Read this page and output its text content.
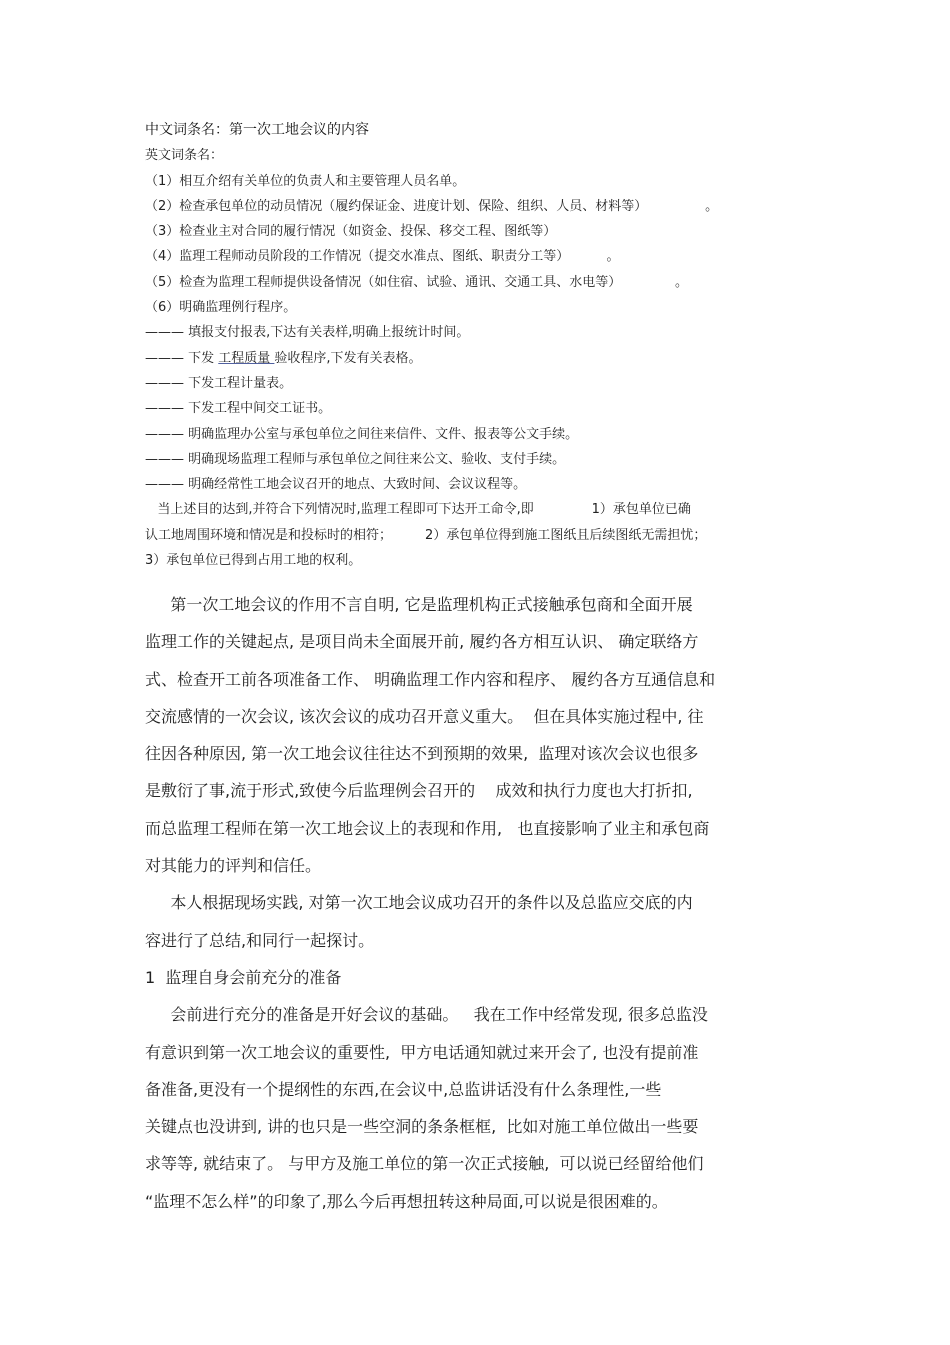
中文词条名：第一次工地会议的内容
英文词条名：
（1）相互介绍有关单位的负责人和主要管理人员名单。
（2）检查承包单位的动员情况（履约保证金、进度计划、保险、组织、人员、材料等）              。
（3）检查业主对合同的履行情况（如资金、投保、移交工程、图纸等）
（4）监理工程师动员阶段的工作情况（提交水准点、图纸、职责分工等）         。
（5）检查为监理工程师提供设备情况（如住宿、试验、通讯、交通工具、水电等）             。
（6）明确监理例行程序。
——— 填报支付报表,下达有关表样,明确上报统计时间。
——— 下发 工程质量 验收程序,下发有关表格。
——— 下发工程计量表。
——— 下发工程中间交工证书。
——— 明确监理办公室与承包单位之间往来信件、文件、报表等公文手续。
——— 明确现场监理工程师与承包单位之间往来公文、验收、支付手续。
——— 明确经常性工地会议召开的地点、大致时间、会议议程等。
当上述目的达到,并符合下列情况时,监理工程即可下达开工命令,即              1）承包单位已确
认工地周围环境和情况是和投标时的相符；        2）承包单位得到施工图纸且后续图纸无需担忧；
3）承包单位已得到占用工地的权利。
第一次工地会议的作用不言自明, 它是监理机构正式接触承包商和全面开展
监理工作的关键起点, 是项目尚未全面展开前, 履约各方相互认识、 确定联络方
式、检查开工前各项准备工作、 明确监理工作内容和程序、 履约各方互通信息和
交流感情的一次会议, 该次会议的成功召开意义重大。  但在具体实施过程中, 往
往因各种原因, 第一次工地会议往往达不到预期的效果,  监理对该次会议也很多
是敷衍了事,流于形式,致使今后监理例会召开的    成效和执行力度也大打折扣,
而总监理工程师在第一次工地会议上的表现和作用,   也直接影响了业主和承包商
对其能力的评判和信任。
本人根据现场实践, 对第一次工地会议成功召开的条件以及总监应交底的内
容进行了总结,和同行一起探讨。
1  监理自身会前充分的准备
会前进行充分的准备是开好会议的基础。   我在工作中经常发现, 很多总监没
有意识到第一次工地会议的重要性,  甲方电话通知就过来开会了, 也没有提前准
备准备,更没有一个提纲性的东西,在会议中,总监讲话没有什么条理性,一些
关键点也没讲到, 讲的也只是一些空洞的条条框框,  比如对施工单位做出一些要
求等等, 就结束了。 与甲方及施工单位的第一次正式接触,  可以说已经留给他们
“监理不怎么样”的印象了,那么今后再想扭转这种局面,可以说是很困难的。
